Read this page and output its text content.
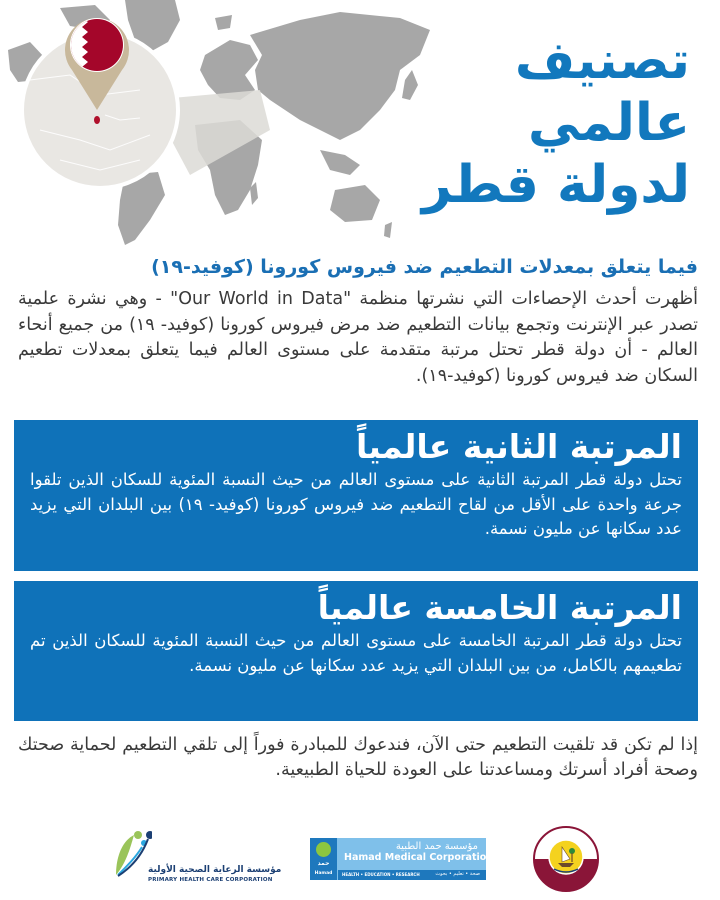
تصنيف
عالمي
لدولة قطر
فيما يتعلق بمعدلات التطعيم ضد فيروس كورونا (كوفيد-١٩)
أظهرت أحدث الإحصاءات التي نشرتها منظمة "Our World in Data" - وهي نشرة علمية تصدر عبر الإنترنت وتجمع بيانات التطعيم ضد مرض فيروس كورونا (كوفيد- ١٩) من جميع أنحاء العالم - أن دولة قطر تحتل مرتبة متقدمة على مستوى العالم فيما يتعلق بمعدلات تطعيم السكان ضد فيروس كورونا (كوفيد-١٩).
المرتبة الثانية عالمياً
تحتل دولة قطر المرتبة الثانية على مستوى العالم من حيث النسبة المئوية للسكان الذين تلقوا جرعة واحدة على الأقل من لقاح التطعيم ضد فيروس كورونا (كوفيد- ١٩) بين البلدان التي يزيد عدد سكانها عن مليون نسمة.
المرتبة الخامسة عالمياً
تحتل دولة قطر المرتبة الخامسة على مستوى العالم من حيث النسبة المئوية للسكان الذين تم تطعيمهم بالكامل، من بين البلدان التي يزيد عدد سكانها عن مليون نسمة.
إذا لم تكن قد تلقيت التطعيم حتى الآن، فندعوك للمبادرة فوراً إلى تلقي التطعيم لحماية صحتك وصحة أفراد أسرتك ومساعدتنا على العودة للحياة الطبيعية.
مؤسسة الرعاية الصحية الأولية
PRIMARY HEALTH CARE CORPORATION
حمد
Hamad
مؤسسة حمد الطبية
Hamad Medical Corporation
HEALTH • EDUCATION • RESEARCH	صحة • تعليم • بحوث
